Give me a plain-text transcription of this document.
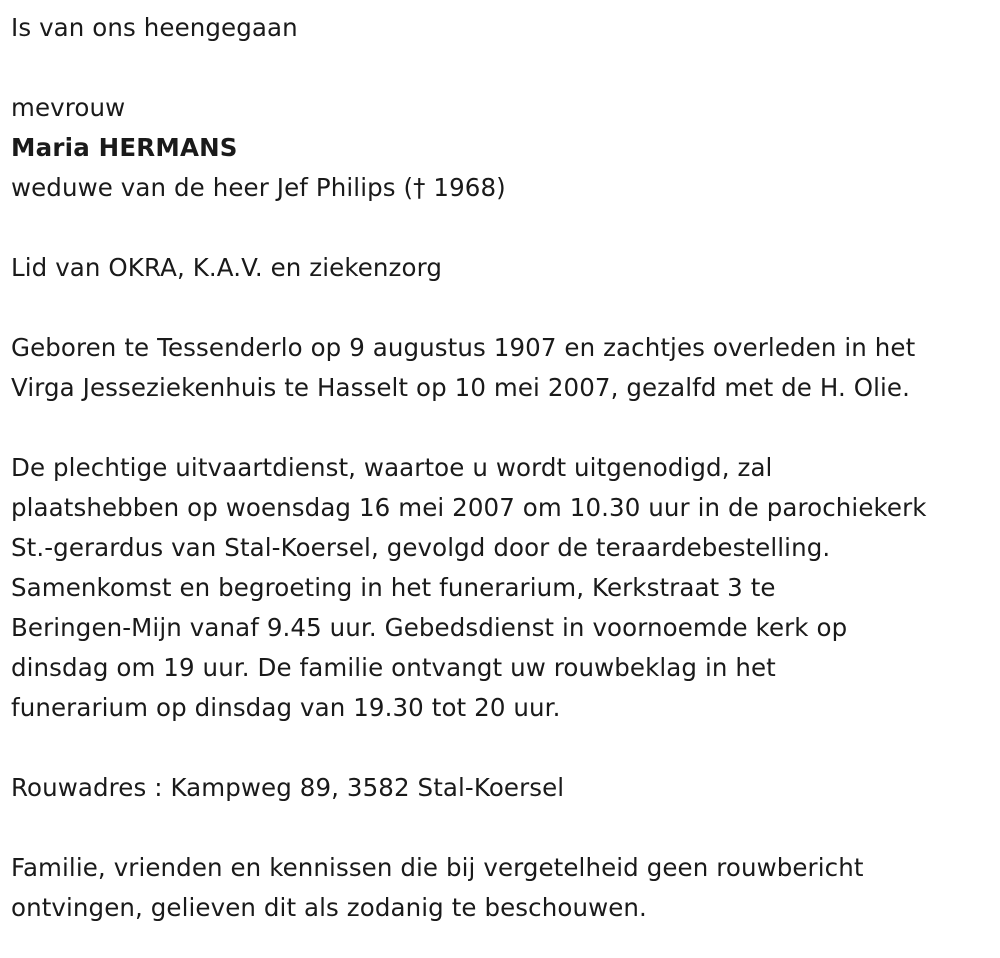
Is van ons heengegaan
mevrouw
Maria HERMANS
weduwe van de heer Jef Philips († 1968)
Lid van OKRA, K.A.V. en ziekenzorg
Geboren te Tessenderlo op 9 augustus 1907 en zachtjes overleden in het
Virga Jesseziekenhuis te Hasselt op 10 mei 2007, gezalfd met de H. Olie.
De plechtige uitvaartdienst, waartoe u wordt uitgenodigd, zal
plaatshebben op woensdag 16 mei 2007 om 10.30 uur in de parochiekerk
St.-gerardus van Stal-Koersel, gevolgd door de teraardebestelling.
Samenkomst en begroeting in het funerarium, Kerkstraat 3 te
Beringen-Mijn vanaf 9.45 uur. Gebedsdienst in voornoemde kerk op
dinsdag om 19 uur. De familie ontvangt uw rouwbeklag in het
funerarium op dinsdag van 19.30 tot 20 uur.
Rouwadres : Kampweg 89, 3582 Stal-Koersel
Familie, vrienden en kennissen die bij vergetelheid geen rouwbericht
ontvingen, gelieven dit als zodanig te beschouwen.
